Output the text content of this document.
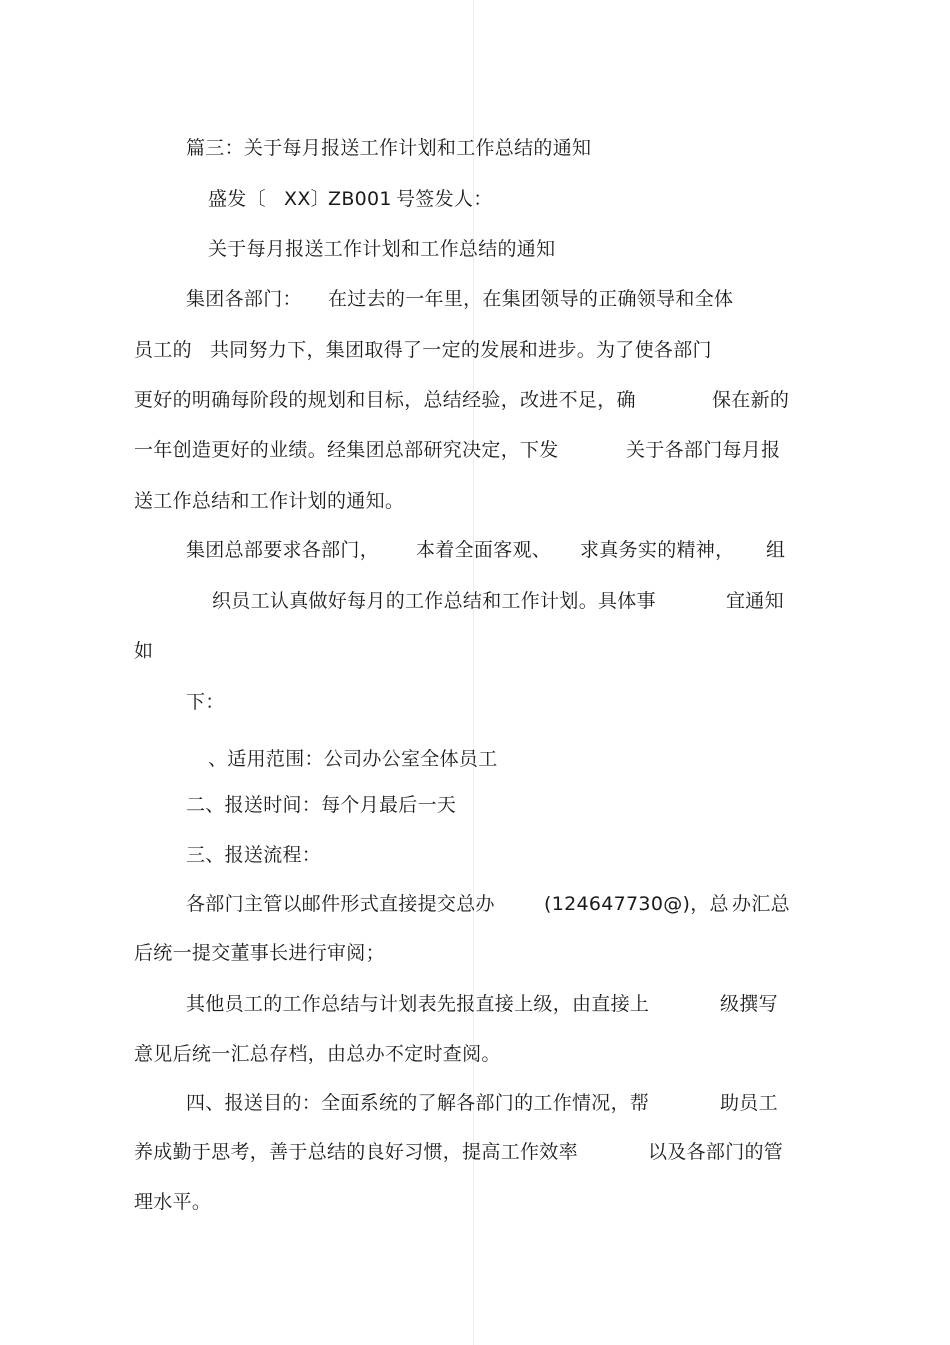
篇三：关于每月报送工作计划和工作总结的通知
盛发〔 XX〕
ZB001 号签发人：
关于每月报送工作计划和工作总结的通知
集团各部门： 在过去的一年里，在集团领导的正确领导和全体
员工的 共同努力下，集团取得了一定的发展和进步。为了使各部门
更好的明确每阶段的规划和目标，总结经验，改进不足，确	保在新的
一年创造更好的业绩。经集团总部研究决定，下发	关于各部门每月报
送工作总结和工作计划的通知。
集团总部要求各部门， 本着全面客观、 求真务实的精神， 组
织员工认真做好每月的工作总结和工作计划。具体事	宜通知
如
下：
、适用范围：公司办公室全体员工
二、报送时间：每个月最后一天
三、报送流程：
各部门主管以邮件形式直接提交总办	(124647730@)，总 办汇总
后统一提交董事长进行审阅；
其他员工的工作总结与计划表先报直接上级，由直接上	级撰写
意见后统一汇总存档，由总办不定时查阅。
四、报送目的：全面系统的了解各部门的工作情况，帮	助员工
养成勤于思考，善于总结的良好习惯，提高工作效率	以及各部门的管
理水平。
